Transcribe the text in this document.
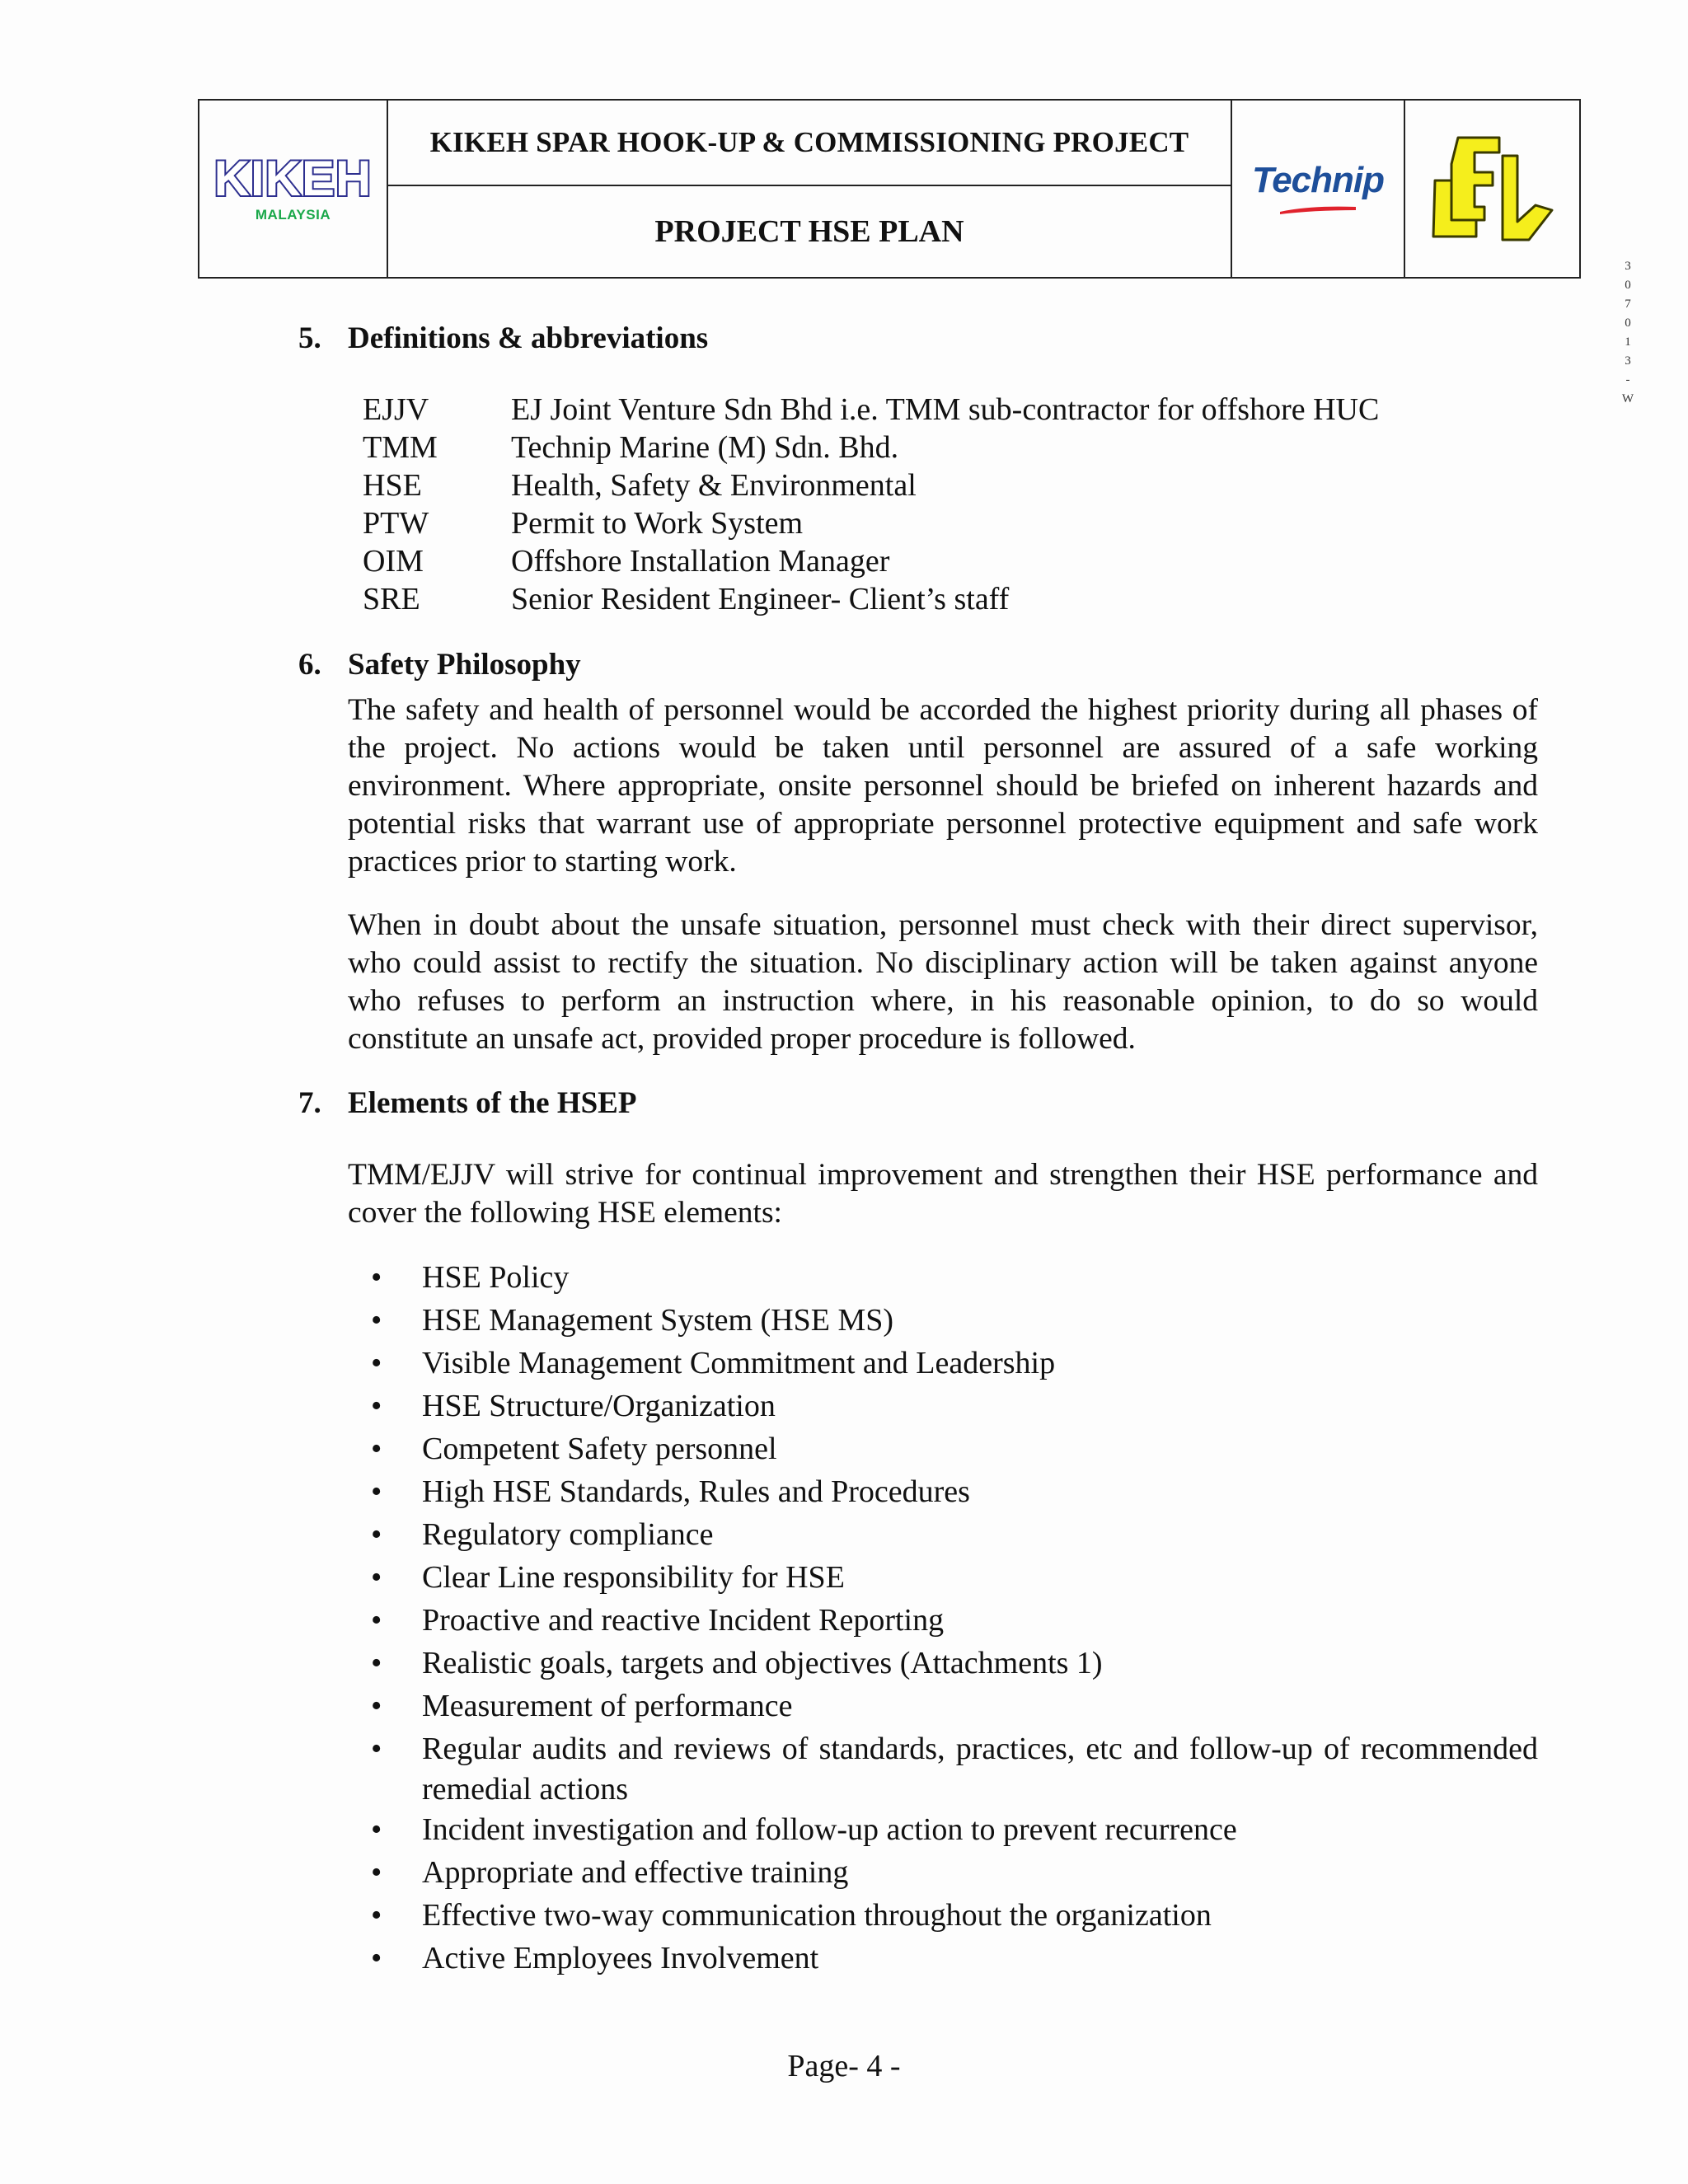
KIKEH
MALAYSIA
KIKEH SPAR HOOK-UP & COMMISSIONING PROJECT
PROJECT HSE PLAN
Technip
3
0
7
0
1
3
-
W
5. Definitions & abbreviations
EJJV	EJ Joint Venture Sdn Bhd i.e. TMM sub-contractor for offshore HUC
TMM Technip Marine (M) Sdn. Bhd.
HSE	Health, Safety & Environmental
PTW	Permit to Work System
OIM	Offshore Installation Manager
SRE	Senior Resident Engineer- Client’s staff
6. Safety Philosophy
The safety and health of personnel would be accorded the highest priority during all phases of the project. No actions would be taken until personnel are assured of a safe working environment. Where appropriate, onsite personnel should be briefed on inherent hazards and potential risks that warrant use of appropriate personnel protective equipment and safe work practices prior to starting work.
When in doubt about the unsafe situation, personnel must check with their direct supervisor, who could assist to rectify the situation. No disciplinary action will be taken against anyone who refuses to perform an instruction where, in his reasonable opinion, to do so would constitute an unsafe act, provided proper procedure is followed.
7. Elements of the HSEP
TMM/EJJV will strive for continual improvement and strengthen their HSE performance and cover the following HSE elements:
• HSE Policy
• HSE Management System (HSE MS)
• Visible Management Commitment and Leadership
• HSE Structure/Organization
• Competent Safety personnel
• High HSE Standards, Rules and Procedures
• Regulatory compliance
• Clear Line responsibility for HSE
• Proactive and reactive Incident Reporting
• Realistic goals, targets and objectives (Attachments 1)
• Measurement of performance
• Regular audits and reviews of standards, practices, etc and follow-up of recommended remedial actions
• Incident investigation and follow-up action to prevent recurrence
• Appropriate and effective training
• Effective two-way communication throughout the organization
• Active Employees Involvement
Page- 4 -
